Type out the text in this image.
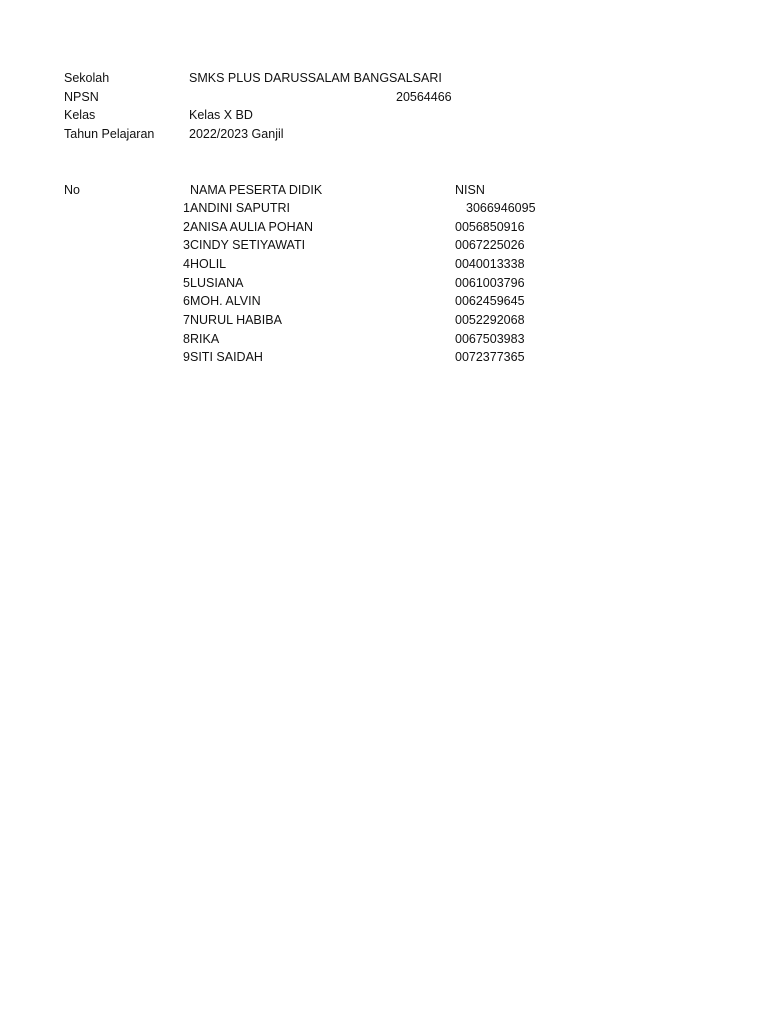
Sekolah	SMKS PLUS DARUSSALAM BANGSALSARI
NPSN	20564466
Kelas	Kelas X BD
Tahun Pelajaran	2022/2023 Ganjil
No	NAMA PESERTA DIDIK	NISN
1 ANDINI SAPUTRI	3066946095
2 ANISA AULIA POHAN	0056850916
3 CINDY SETIYAWATI	0067225026
4 HOLIL	0040013338
5 LUSIANA	0061003796
6 MOH. ALVIN	0062459645
7 NURUL HABIBA	0052292068
8 RIKA	0067503983
9 SITI SAIDAH	0072377365
